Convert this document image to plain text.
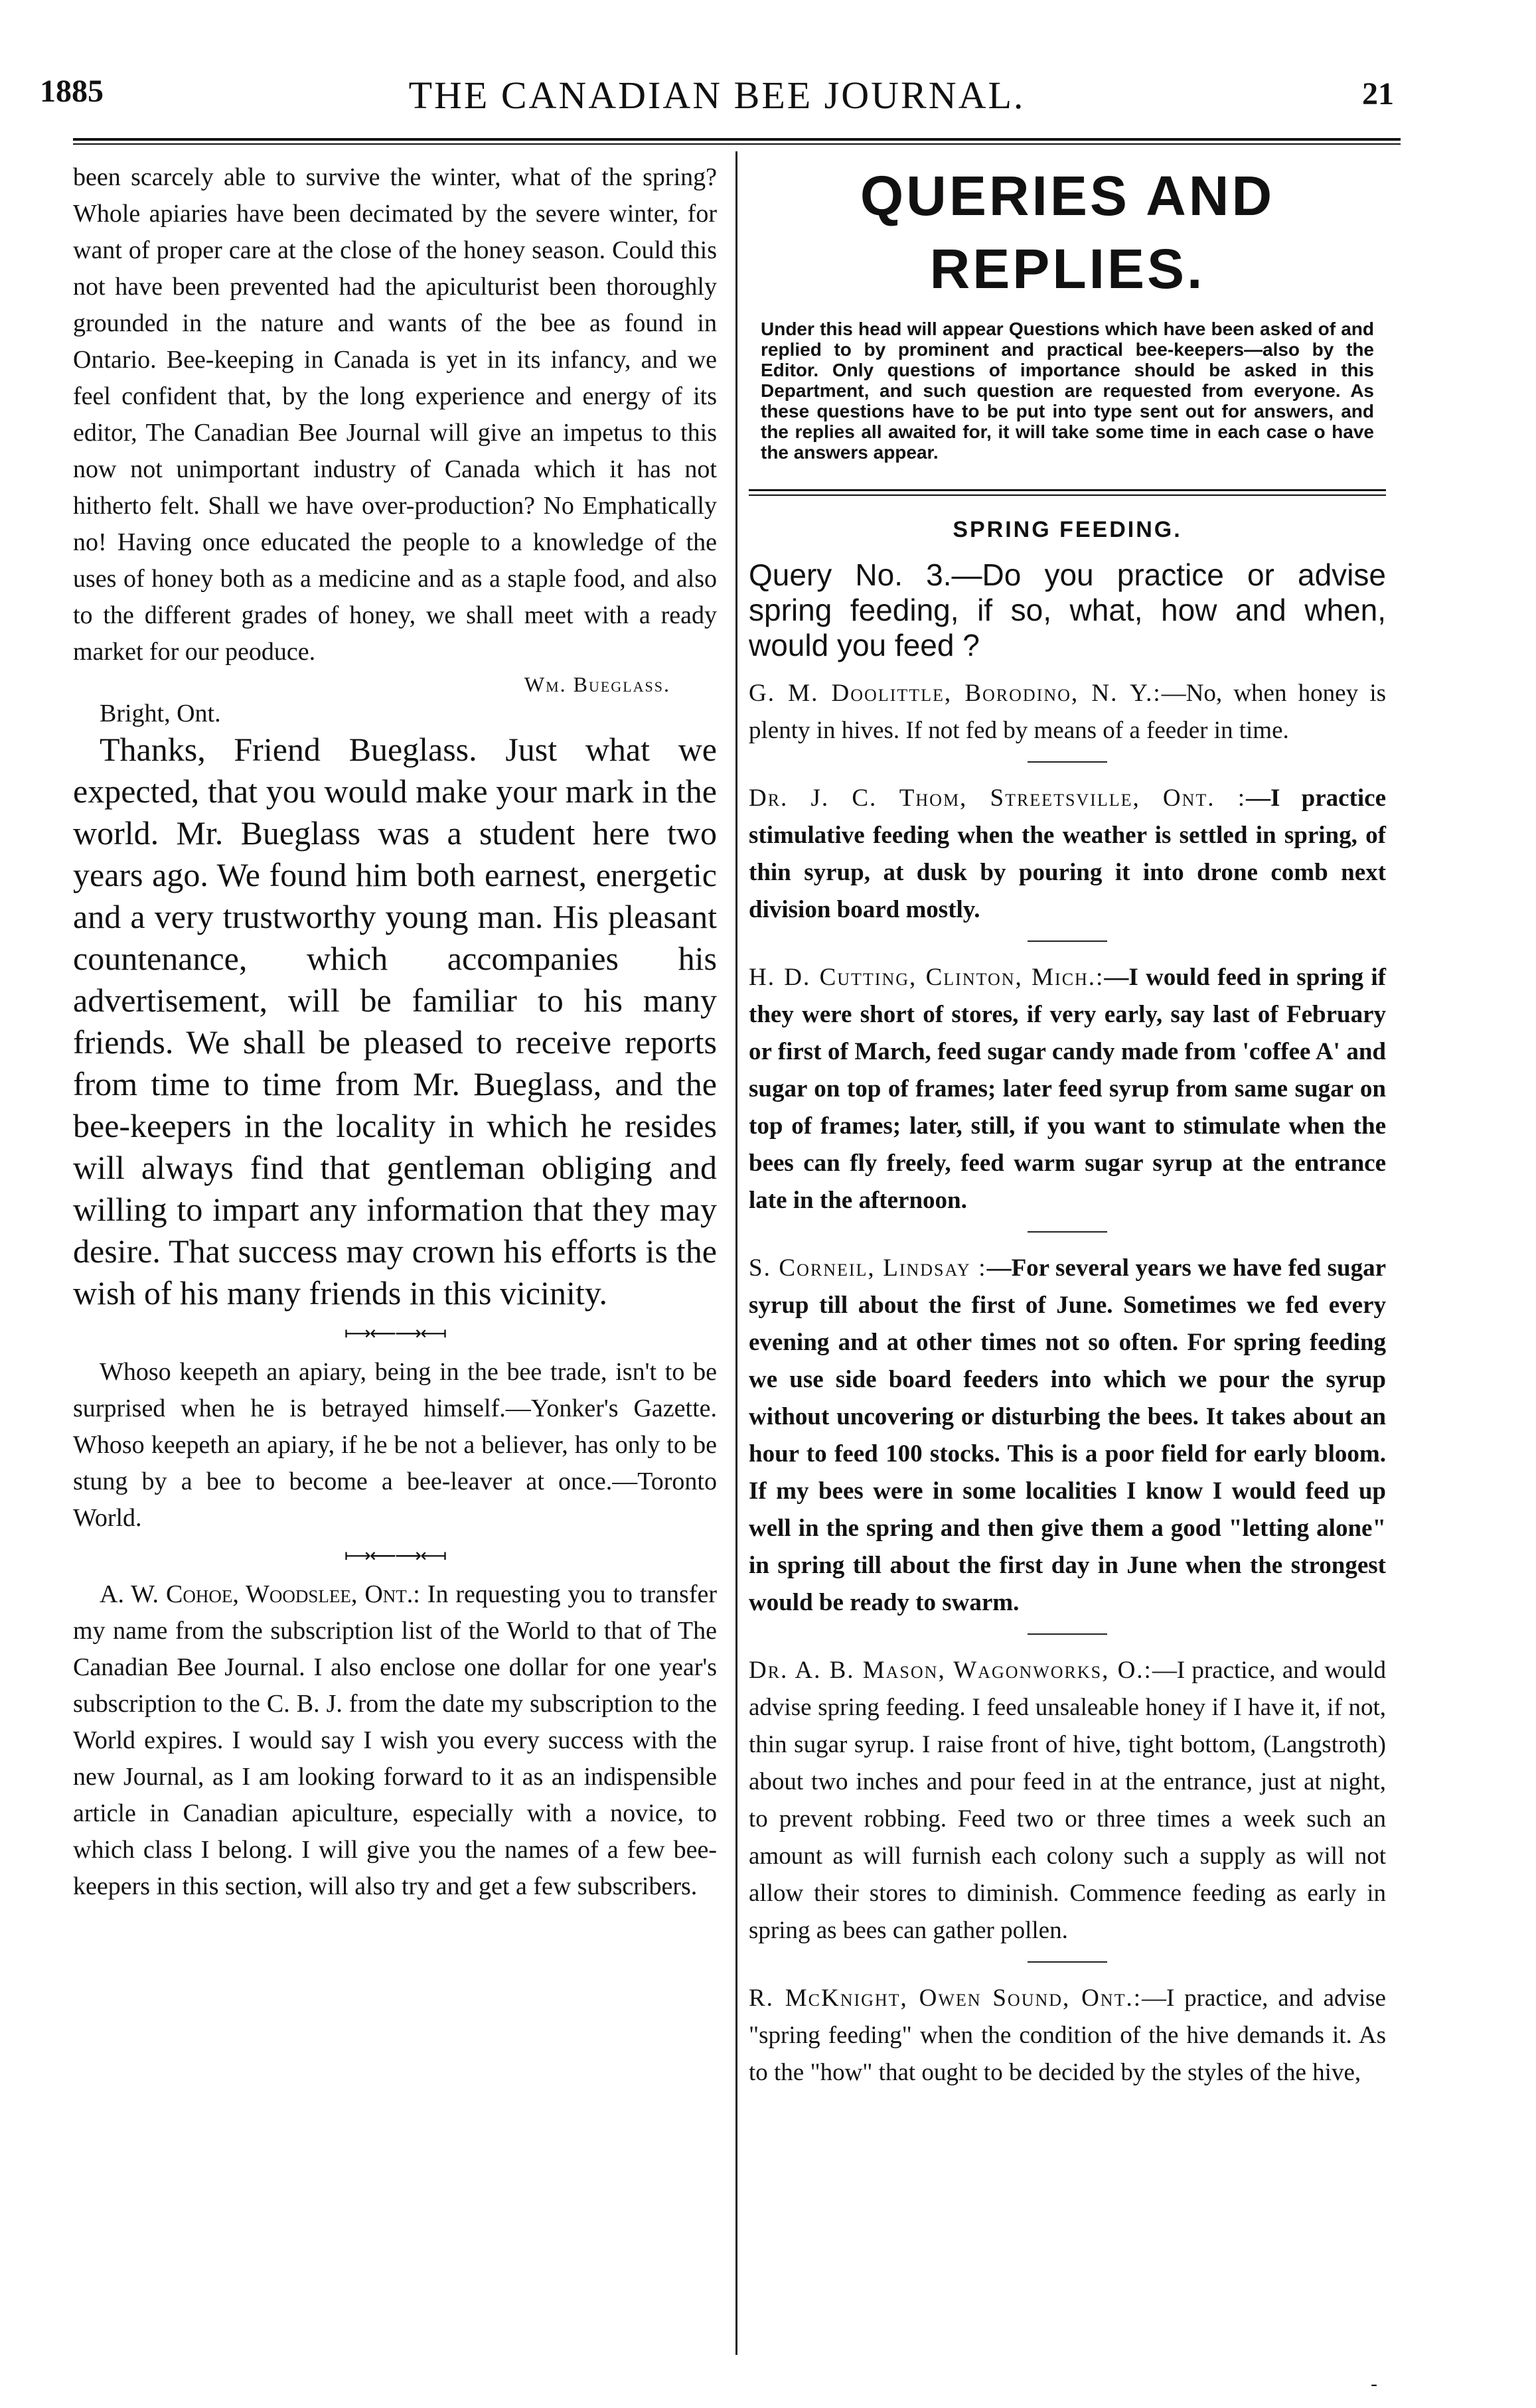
1885	THE CANADIAN BEE JOURNAL.	21

been scarcely able to survive the winter, what of the spring? Whole apiaries have been decimated by the severe winter, for want of proper care at the close of the honey season. Could this not have been prevented had the apiculturist been thoroughly grounded in the nature and wants of the bee as found in Ontario. Bee-keeping in Canada is yet in its infancy, and we feel confident that, by the long experience and energy of its editor, The Canadian Bee Journal will give an impetus to this now not unimportant industry of Canada which it has not hitherto felt. Shall we have over-production? No Emphatically no! Having once educated the people to a knowledge of the uses of honey both as a medicine and as a staple food, and also to the different grades of honey, we shall meet with a ready market for our peoduce.

Wm. Bueglass.

Bright, Ont.

Thanks, Friend Bueglass. Just what we expected, that you would make your mark in the world. Mr. Bueglass was a student here two years ago. We found him both earnest, energetic and a very trustworthy young man. His pleasant countenance, which accompanies his advertisement, will be familiar to his many friends. We shall be pleased to receive reports from time to time from Mr. Bueglass, and the bee-keepers in the locality in which he resides will always find that gentleman obliging and willing to impart any information that they may desire. That success may crown his efforts is the wish of his many friends in this vicinity.

⟼⟵⟶⟻

Whoso keepeth an apiary, being in the bee trade, isn't to be surprised when he is betrayed himself.—Yonker's Gazette. Whoso keepeth an apiary, if he be not a believer, has only to be stung by a bee to become a bee-leaver at once.—Toronto World.

⟼⟵⟶⟻

A. W. Cohoe, Woodslee, Ont.: In requesting you to transfer my name from the subscription list of the World to that of The Canadian Bee Journal. I also enclose one dollar for one year's subscription to the C. B. J. from the date my subscription to the World expires. I would say I wish you every success with the new Journal, as I am looking forward to it as an indispensible article in Canadian apiculture, especially with a novice, to which class I belong. I will give you the names of a few bee-keepers in this section, will also try and get a few subscribers.

QUERIES AND REPLIES.

Under this head will appear Questions which have been asked of and replied to by prominent and practical bee-keepers—also by the Editor. Only questions of importance should be asked in this Department, and such question are requested from everyone. As these questions have to be put into type sent out for answers, and the replies all awaited for, it will take some time in each case o have the answers appear.

SPRING FEEDING.

Query No. 3.—Do you practice or advise spring feeding, if so, what, how and when, would you feed ?

G. M. Doolittle, Borodino, N. Y.:—No, when honey is plenty in hives. If not fed by means of a feeder in time.

Dr. J. C. Thom, Streetsville, Ont. :—I practice stimulative feeding when the weather is settled in spring, of thin syrup, at dusk by pouring it into drone comb next division board mostly.

H. D. Cutting, Clinton, Mich.:—I would feed in spring if they were short of stores, if very early, say last of February or first of March, feed sugar candy made from 'coffee A' and sugar on top of frames; later feed syrup from same sugar on top of frames; later, still, if you want to stimulate when the bees can fly freely, feed warm sugar syrup at the entrance late in the afternoon.

S. Corneil, Lindsay :—For several years we have fed sugar syrup till about the first of June. Sometimes we fed every evening and at other times not so often. For spring feeding we use side board feeders into which we pour the syrup without uncovering or disturbing the bees. It takes about an hour to feed 100 stocks. This is a poor field for early bloom. If my bees were in some localities I know I would feed up well in the spring and then give them a good "letting alone" in spring till about the first day in June when the strongest would be ready to swarm.

Dr. A. B. Mason, Wagonworks, O.:—I practice, and would advise spring feeding. I feed unsaleable honey if I have it, if not, thin sugar syrup. I raise front of hive, tight bottom, (Langstroth) about two inches and pour feed in at the entrance, just at night, to prevent robbing. Feed two or three times a week such an amount as will furnish each colony such a supply as will not allow their stores to diminish. Commence feeding as early in spring as bees can gather pollen.

R. McKnight, Owen Sound, Ont.:—I practice, and advise "spring feeding" when the condition of the hive demands it. As to the "how" that ought to be decided by the styles of the hive,

-
